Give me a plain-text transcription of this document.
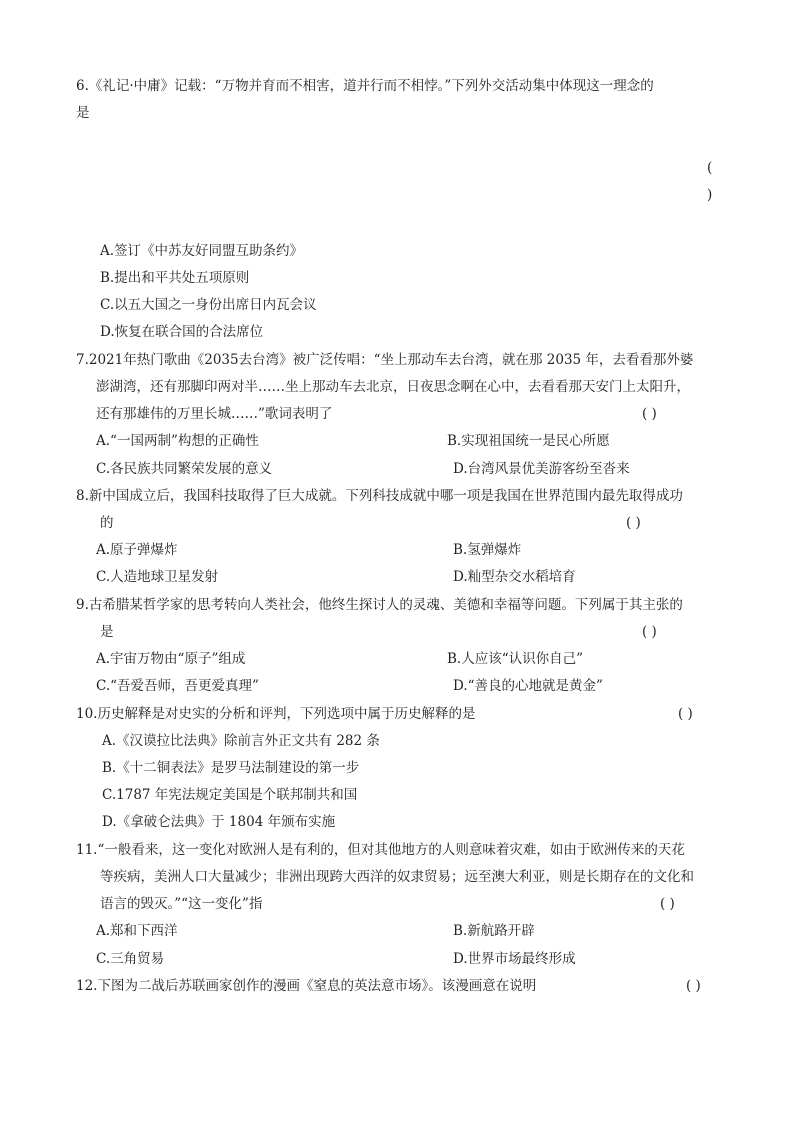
6.《礼记·中庸》记载：“万物并育而不相害，道并行而不相悖。”下列外交活动集中体现这一理念的
是
(
)
A.签订《中苏友好同盟互助条约》
B.提出和平共处五项原则
C.以五大国之一身份出席日内瓦会议
D.恢复在联合国的合法席位
7.2021年热门歌曲《2035去台湾》被广泛传唱：“坐上那动车去台湾，就在那 2035 年，去看看那外婆
澎湖湾，还有那脚印两对半……坐上那动车去北京，日夜思念啊在心中，去看看那天安门上太阳升，
还有那雄伟的万里长城……”歌词表明了	( )
A.“一国两制”构想的正确性	B.实现祖国统一是民心所愿
C.各民族共同繁荣发展的意义	D.台湾风景优美游客纷至沓来
8.新中国成立后，我国科技取得了巨大成就。下列科技成就中哪一项是我国在世界范围内最先取得成功
的	( )
A.原子弹爆炸	B.氢弹爆炸
C.人造地球卫星发射	D.籼型杂交水稻培育
9.古希腊某哲学家的思考转向人类社会，他终生探讨人的灵魂、美德和幸福等问题。下列属于其主张的
是	( )
A.宇宙万物由“原子”组成	B.人应该“认识你自己”
C.“吾爱吾师，吾更爱真理”	D.“善良的心地就是黄金”
10.历史解释是对史实的分析和评判，下列选项中属于历史解释的是	( )
A.《汉谟拉比法典》除前言外正文共有 282 条
B.《十二铜表法》是罗马法制建设的第一步
C.1787 年宪法规定美国是个联邦制共和国
D.《拿破仑法典》于 1804 年颁布实施
11.“一般看来，这一变化对欧洲人是有利的，但对其他地方的人则意味着灾难，如由于欧洲传来的天花
等疾病，美洲人口大量减少；非洲出现跨大西洋的奴隶贸易；远至澳大利亚，则是长期存在的文化和
语言的毁灭。”“这一变化”指	( )
A.郑和下西洋	B.新航路开辟
C.三角贸易	D.世界市场最终形成
12.下图为二战后苏联画家创作的漫画《窒息的英法意市场》。该漫画意在说明	( )
